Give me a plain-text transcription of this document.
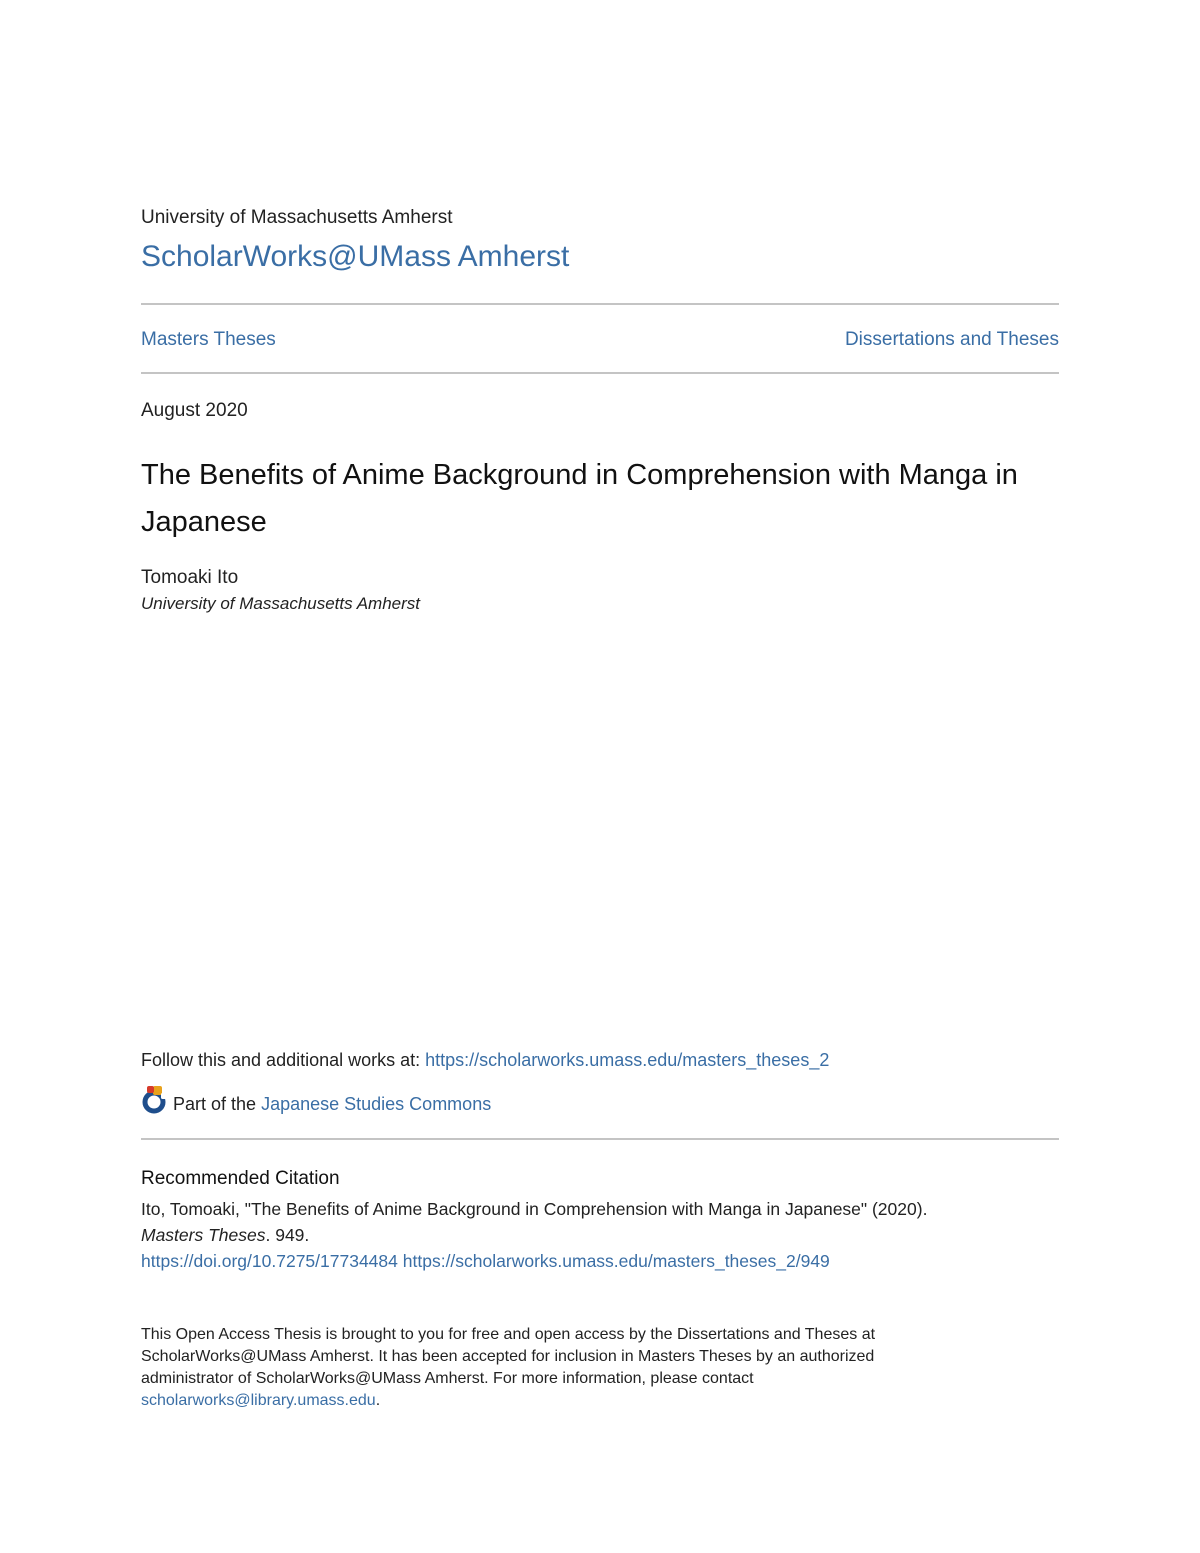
University of Massachusetts Amherst
ScholarWorks@UMass Amherst
Masters Theses	Dissertations and Theses
August 2020
The Benefits of Anime Background in Comprehension with Manga in Japanese
Tomoaki Ito
University of Massachusetts Amherst
Follow this and additional works at: https://scholarworks.umass.edu/masters_theses_2
Part of the
Japanese Studies Commons
Recommended Citation
Ito, Tomoaki, "The Benefits of Anime Background in Comprehension with Manga in Japanese" (2020).
Masters Theses. 949.
https://doi.org/10.7275/17734484 https://scholarworks.umass.edu/masters_theses_2/949
This Open Access Thesis is brought to you for free and open access by the Dissertations and Theses at ScholarWorks@UMass Amherst. It has been accepted for inclusion in Masters Theses by an authorized administrator of ScholarWorks@UMass Amherst. For more information, please contact scholarworks@library.umass.edu.
